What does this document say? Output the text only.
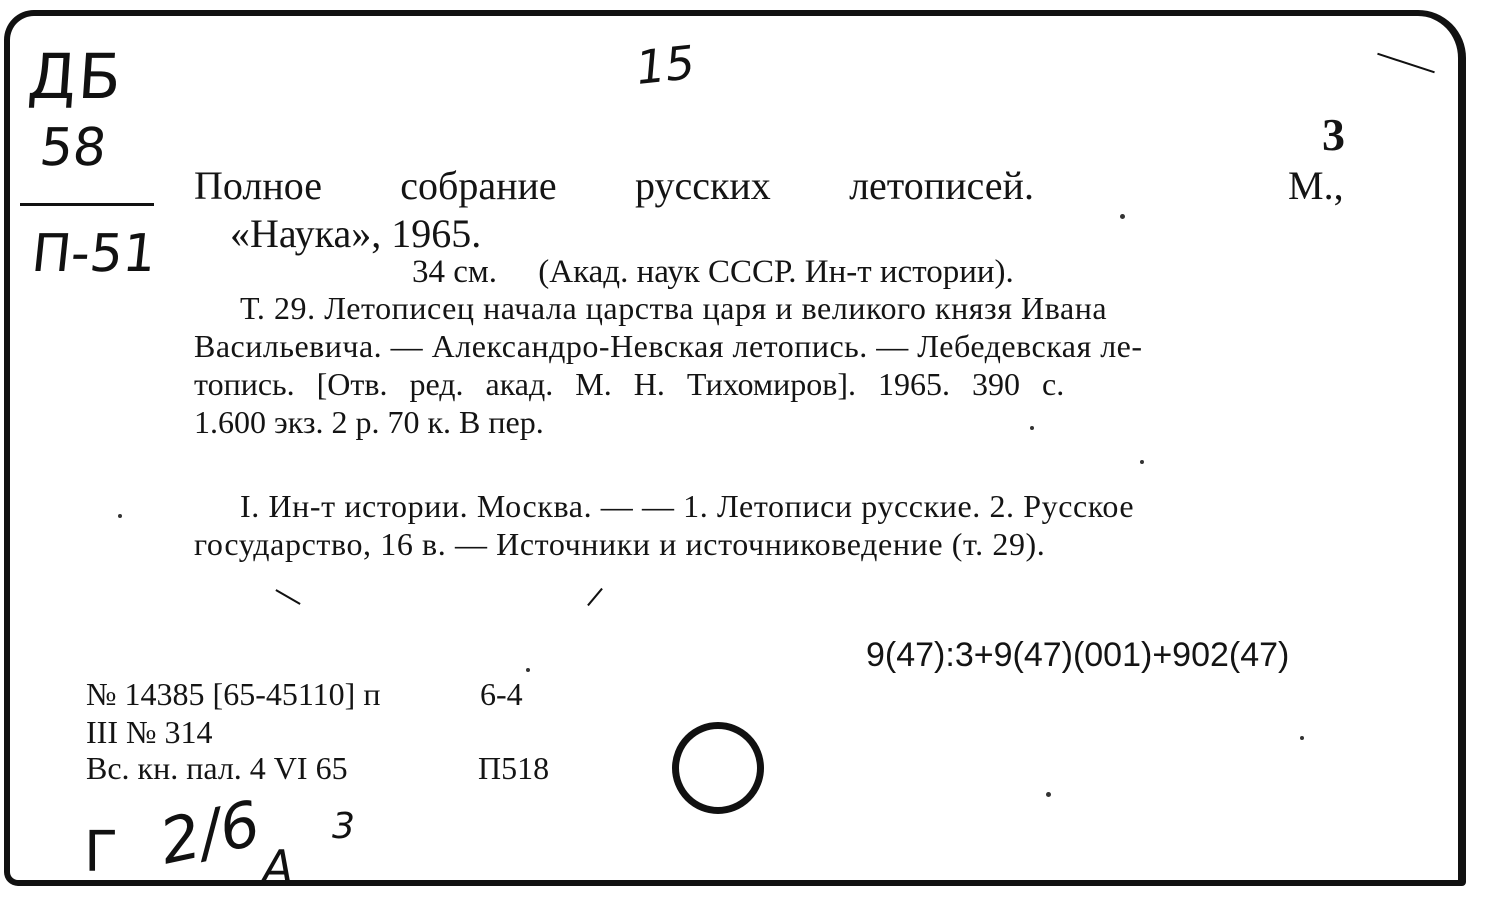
ДБ
58
П-51
15
3
Полное собрание русских летописей.	М.,
«Наука», 1965.
34 см.     (Акад. наук СССР. Ин-т истории).
Т. 29. Летописец начала царства царя и великого князя Ивана
Васильевича. — Александро-Невская летопись. — Лебедевская ле-
топись. [Отв. ред. акад. М. Н. Тихомиров]. 1965. 390 с.
1.600 экз. 2 р. 70 к. В пер.
I. Ин-т истории. Москва. — — 1. Летописи русские. 2. Русское
государство, 16 в. — Источники и источниковедение (т. 29).
9(47):3+9(47)(001)+902(47)
№ 14385 [65-45110] п	6-4
III № 314
Вс. кн. пал. 4 VI 65	П518
Г 2/6
А
3
